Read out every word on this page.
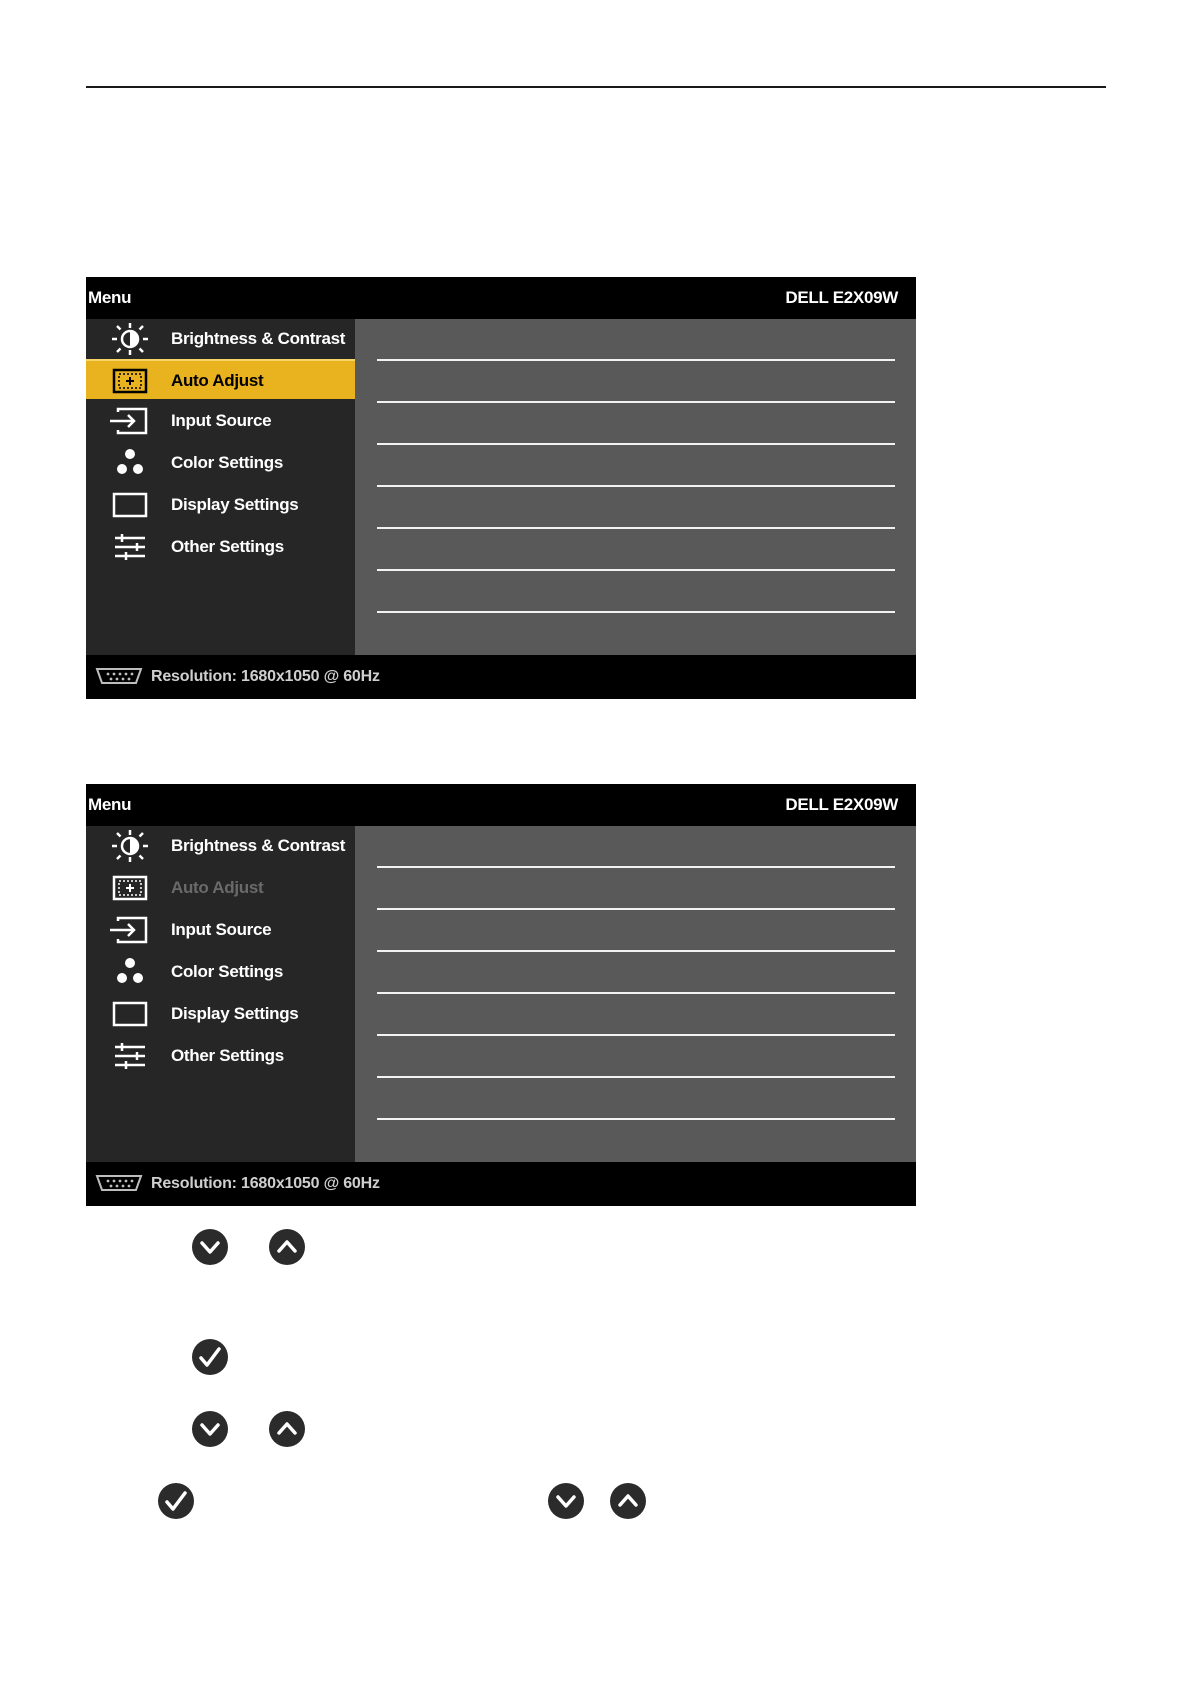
Menu	DELL E2X09W
Brightness & Contrast
Auto Adjust
Input Source
Color Settings
Display Settings
Other Settings
Resolution: 1680x1050 @ 60Hz
Menu	DELL E2X09W
Brightness & Contrast
Auto Adjust
Input Source
Color Settings
Display Settings
Other Settings
Resolution: 1680x1050 @ 60Hz
